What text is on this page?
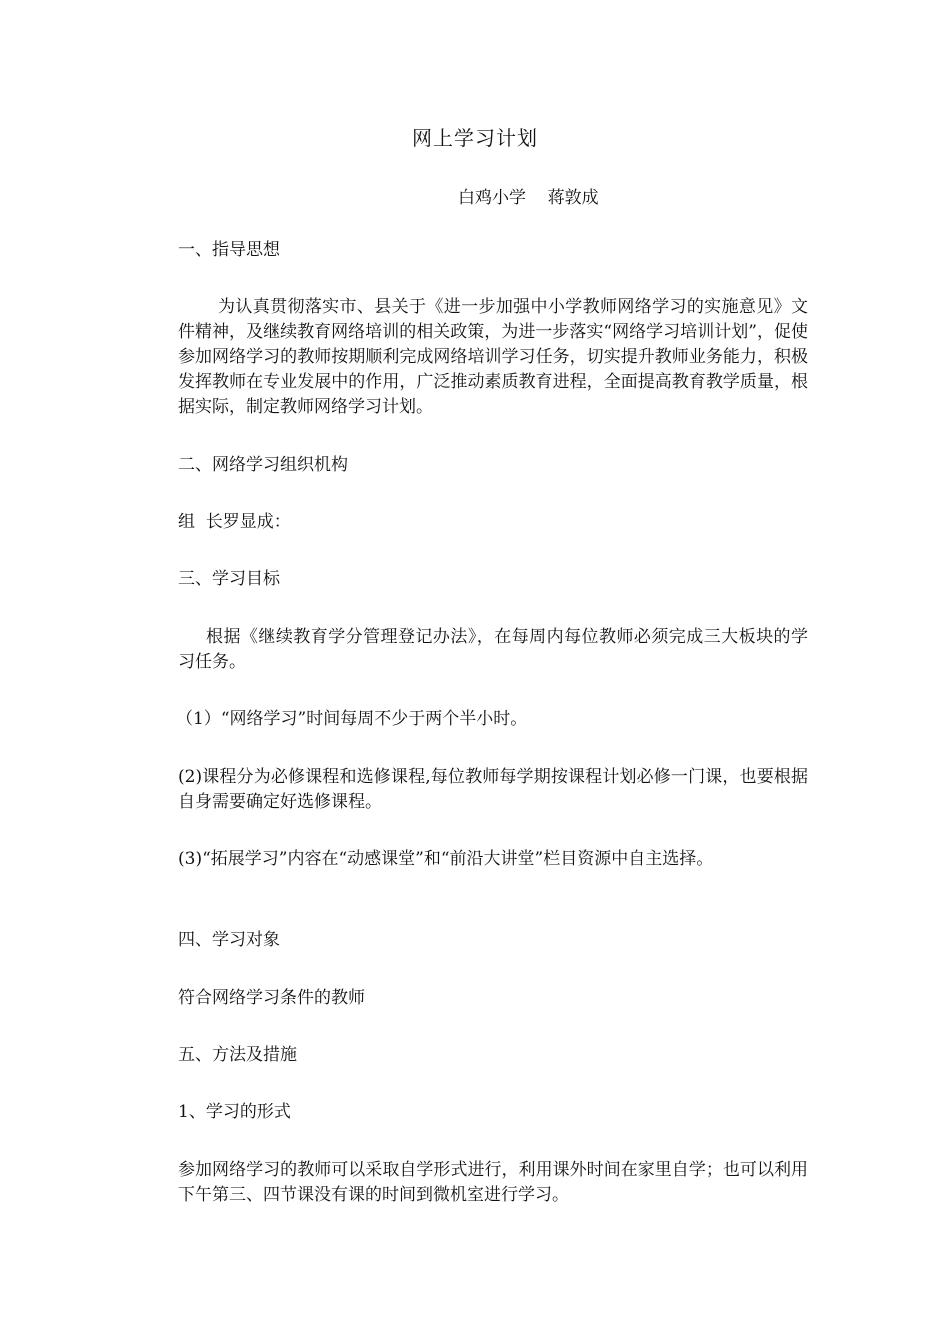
网上学习计划
白鸡小学    蒋敦成
一、指导思想
为认真贯彻落实市、县关于《进一步加强中小学教师网络学习的实施意见》文件精神，及继续教育网络培训的相关政策，为进一步落实“网络学习培训计划”，促使参加网络学习的教师按期顺利完成网络培训学习任务，切实提升教师业务能力，积极发挥教师在专业发展中的作用，广泛推动素质教育进程，全面提高教育教学质量，根据实际，制定教师网络学习计划。
二、网络学习组织机构
组  长罗显成：
三、学习目标
根据《继续教育学分管理登记办法》，在每周内每位教师必须完成三大板块的学习任务。
（1）“网络学习”时间每周不少于两个半小时。
(2)课程分为必修课程和选修课程,每位教师每学期按课程计划必修一门课，也要根据自身需要确定好选修课程。
(3)“拓展学习”内容在“动感课堂”和“前沿大讲堂”栏目资源中自主选择。
四、学习对象
符合网络学习条件的教师
五、方法及措施
1、学习的形式
参加网络学习的教师可以采取自学形式进行，利用课外时间在家里自学；也可以利用下午第三、四节课没有课的时间到微机室进行学习。
